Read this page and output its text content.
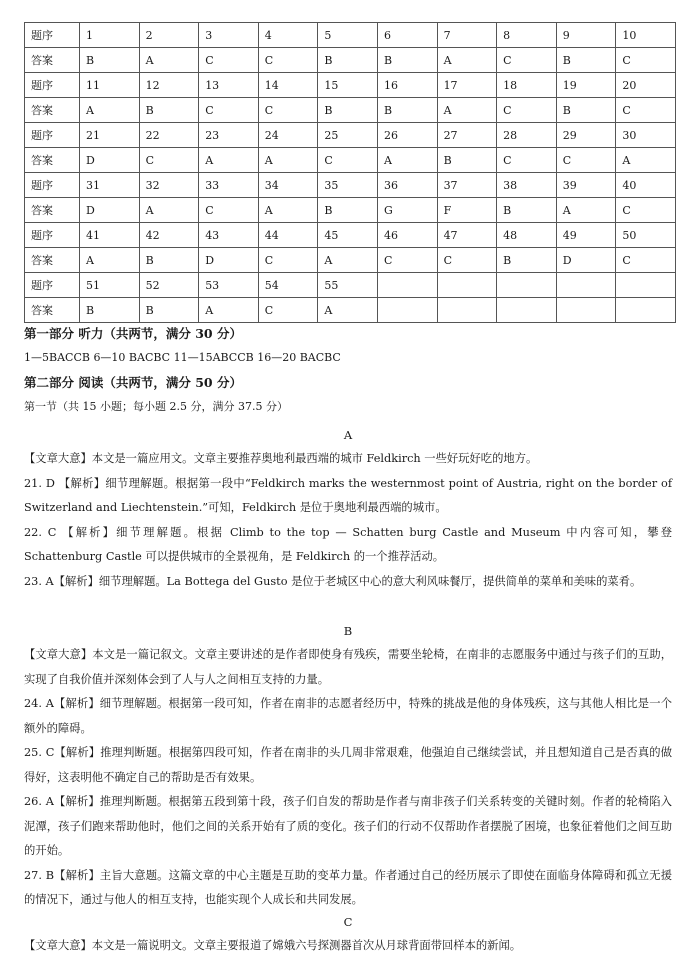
题序	1	2	3	4	5	6	7	8	9	10
答案	B	A	C	C	B	B	A	C	B	C
题序	11	12	13	14	15	16	17	18	19	20
答案	A	B	C	C	B	B	A	C	B	C
题序	21	22	23	24	25	26	27	28	29	30
答案	D	C	A	A	C	A	B	C	C	A
题序	31	32	33	34	35	36	37	38	39	40
答案	D	A	C	A	B	G	F	B	A	C
题序	41	42	43	44	45	46	47	48	49	50
答案	A	B	D	C	A	C	C	B	D	C
题序	51	52	53	54	55					
答案	B	B	A	C	A					
第一部分 听力（共两节，满分 30 分）
1—5BACCB 6—10 BACBC 11—15ABCCB 16—20 BACBC
第二部分 阅读（共两节，满分 50 分）
第一节（共 15 小题；每小题 2.5 分，满分 37.5 分）
A

【文章大意】本文是一篇应用文。文章主要推荐奥地利最西端的城市 Feldkirch 一些好玩好吃的地方。

21. D 【解析】细节理解题。根据第一段中“Feldkirch marks the westernmost point of Austria, right on the border of Switzerland and Liechtenstein.”可知，Feldkirch 是位于奥地利最西端的城市。

22. C 【解析】细节理解题。根据 Climb to the top — Schatten burg Castle and Museum 中内容可知，攀登 Schattenburg Castle 可以提供城市的全景视角，是 Feldkirch 的一个推荐活动。

23. A【解析】细节理解题。La Bottega del Gusto 是位于老城区中心的意大利风味餐厅，提供简单的菜单和美味的菜肴。

B

【文章大意】本文是一篇记叙文。文章主要讲述的是作者即使身有残疾，需要坐轮椅，在南非的志愿服务中通过与孩子们的互助，实现了自我价值并深刻体会到了人与人之间相互支持的力量。

24. A【解析】细节理解题。根据第一段可知，作者在南非的志愿者经历中，特殊的挑战是他的身体残疾，这与其他人相比是一个额外的障碍。

25. C【解析】推理判断题。根据第四段可知，作者在南非的头几周非常艰难，他强迫自己继续尝试，并且想知道自己是否真的做得好，这表明他不确定自己的帮助是否有效果。

26. A【解析】推理判断题。根据第五段到第十段，孩子们自发的帮助是作者与南非孩子们关系转变的关键时刻。作者的轮椅陷入泥潭，孩子们跑来帮助他时，他们之间的关系开始有了质的变化。孩子们的行动不仅帮助作者摆脱了困境，也象征着他们之间互助的开始。

27. B【解析】主旨大意题。这篇文章的中心主题是互助的变革力量。作者通过自己的经历展示了即使在面临身体障碍和孤立无援的情况下，通过与他人的相互支持，也能实现个人成长和共同发展。

C

【文章大意】本文是一篇说明文。文章主要报道了嫦娥六号探测器首次从月球背面带回样本的新闻。
